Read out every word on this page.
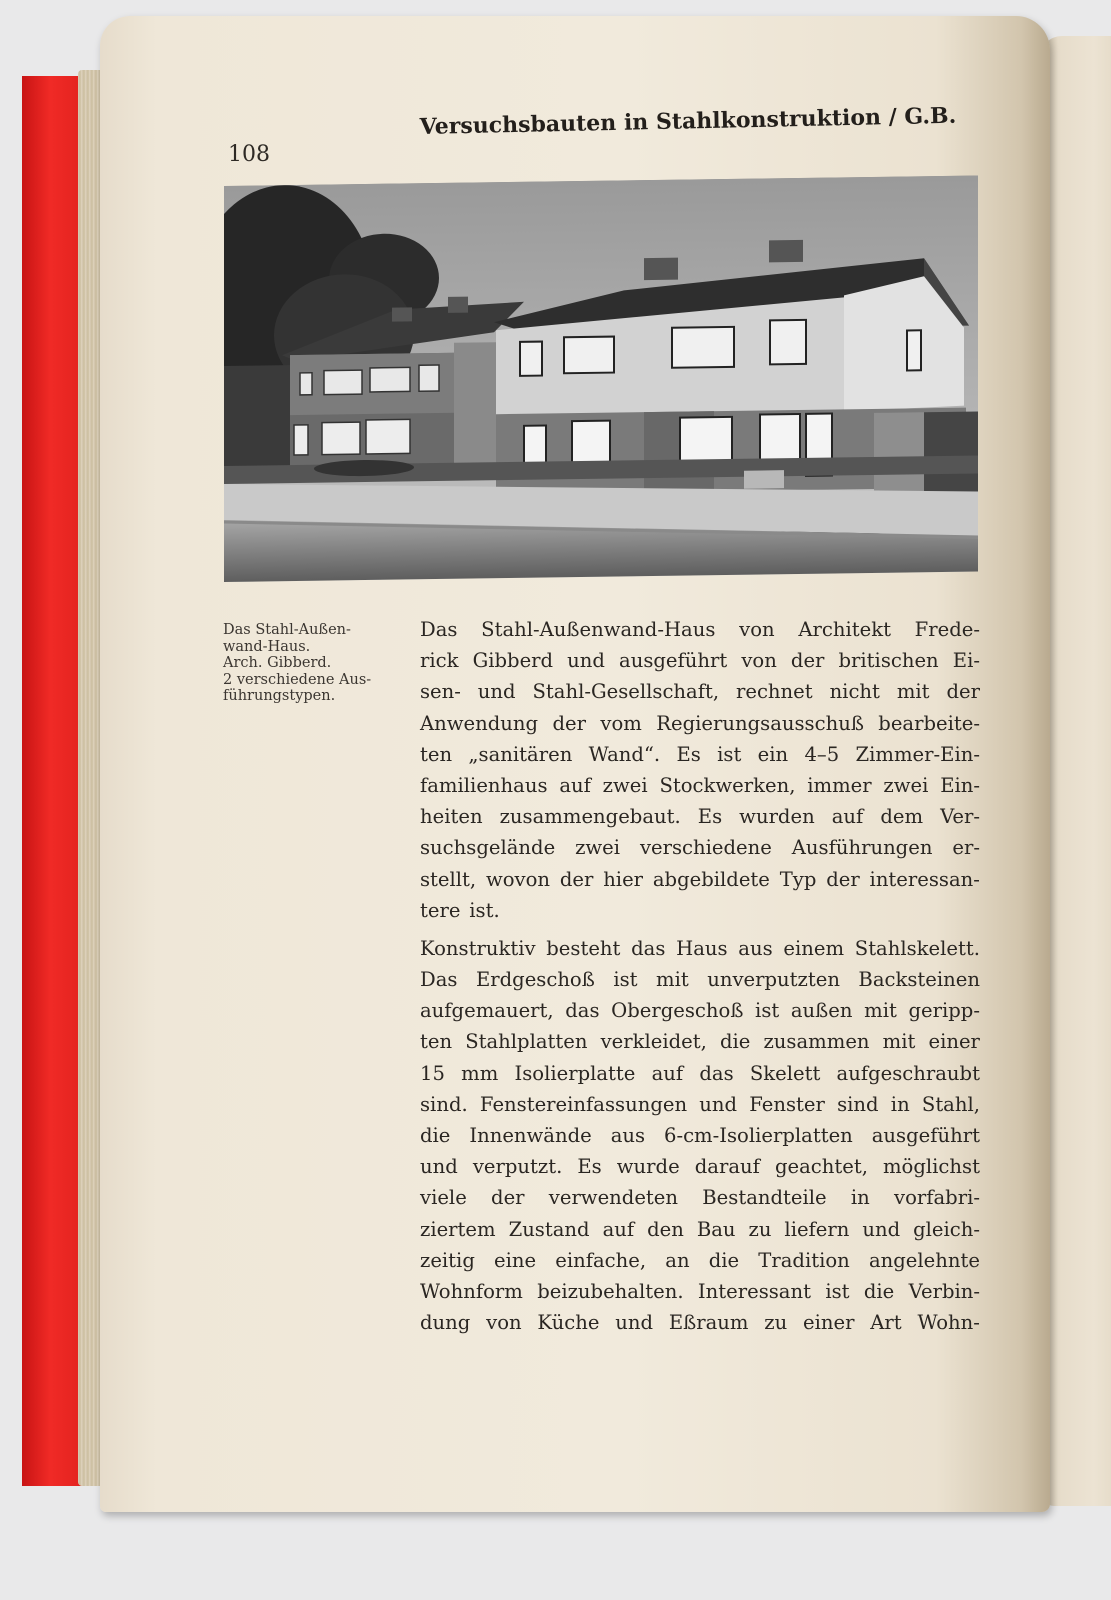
108
Versuchsbauten in Stahlkonstruktion / G.B.
Das Stahl-Außen-
wand-Haus.
Arch. Gibberd.
2 verschiedene Aus-
führungstypen.
Das Stahl-Außenwand-Haus von Architekt Frede-
rick Gibberd und ausgeführt von der britischen Ei-
sen- und Stahl-Gesellschaft, rechnet nicht mit der
Anwendung der vom Regierungsausschuß bearbeite-
ten „sanitären Wand“. Es ist ein 4–5 Zimmer-Ein-
familienhaus auf zwei Stockwerken, immer zwei Ein-
heiten zusammengebaut. Es wurden auf dem Ver-
suchsgelände zwei verschiedene Ausführungen er-
stellt, wovon der hier abgebildete Typ der interessan-
tere ist.
Konstruktiv besteht das Haus aus einem Stahlskelett.
Das Erdgeschoß ist mit unverputzten Backsteinen
aufgemauert, das Obergeschoß ist außen mit geripp-
ten Stahlplatten verkleidet, die zusammen mit einer
15 mm Isolierplatte auf das Skelett aufgeschraubt
sind. Fenstereinfassungen und Fenster sind in Stahl,
die Innenwände aus 6-cm-Isolierplatten ausgeführt
und verputzt. Es wurde darauf geachtet, möglichst
viele der verwendeten Bestandteile in vorfabri-
ziertem Zustand auf den Bau zu liefern und gleich-
zeitig eine einfache, an die Tradition angelehnte
Wohnform beizubehalten. Interessant ist die Verbin-
dung von Küche und Eßraum zu einer Art Wohn-
